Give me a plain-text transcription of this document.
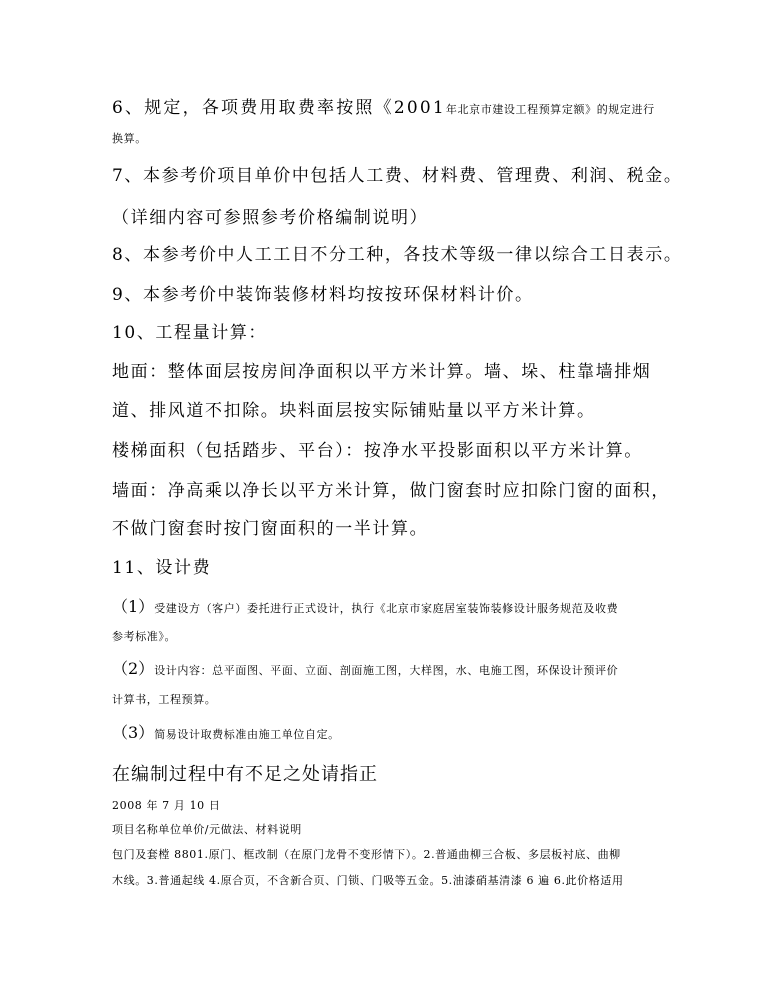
6、规定，各项费用取费率按照《2001年北京市建设工程预算定额》的规定进行
换算。
7、本参考价项目单价中包括人工费、材料费、管理费、利润、税金。
（详细内容可参照参考价格编制说明）
8、本参考价中人工工日不分工种，各技术等级一律以综合工日表示。
9、本参考价中装饰装修材料均按按环保材料计价。
10、工程量计算：
地面：整体面层按房间净面积以平方米计算。墙、垛、柱靠墙排烟
道、排风道不扣除。块料面层按实际铺贴量以平方米计算。
楼梯面积（包括踏步、平台）：按净水平投影面积以平方米计算。
墙面：净高乘以净长以平方米计算，做门窗套时应扣除门窗的面积，
不做门窗套时按门窗面积的一半计算。
11、设计费
（1）受建设方（客户）委托进行正式设计，执行《北京市家庭居室装饰装修设计服务规范及收费
参考标准》。
（2）设计内容：总平面图、平面、立面、剖面施工图，大样图，水、电施工图，环保设计预评价
计算书，工程预算。
（3）简易设计取费标准由施工单位自定。
在编制过程中有不足之处请指正
2008 年 7 月 10 日
项目名称单位单价/元做法、材料说明
包门及套樘 8801.原门、框改制（在原门龙骨不变形情下）。2.普通曲柳三合板、多层板衬底、曲柳
木线。3.普通起线 4.原合页，不含新合页、门锁、门吸等五金。5.油漆硝基清漆 6 遍 6.此价格适用
